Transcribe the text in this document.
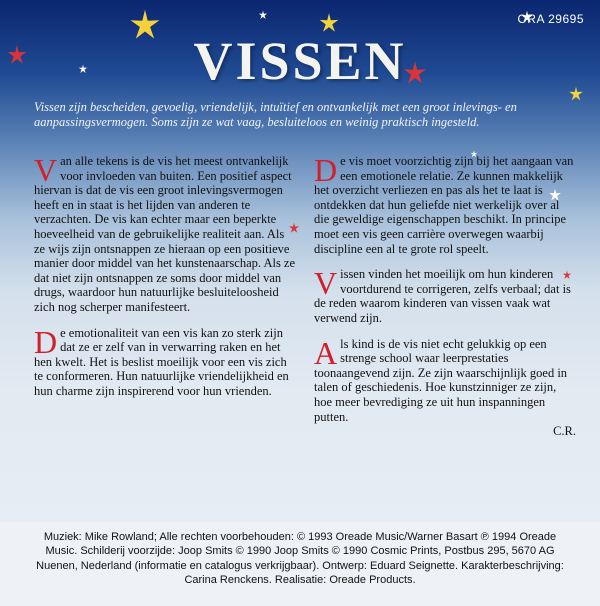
ORA 29695
VISSEN
Vissen zijn bescheiden, gevoelig, vriendelijk, intuïtief en ontvankelijk met een groot inlevings- en aanpassingsvermogen. Soms zijn ze wat vaag, besluiteloos en weinig praktisch ingesteld.

Van alle tekens is de vis het meest ontvankelijk voor invloeden van buiten. Een positief aspect hiervan is dat de vis een groot inlevingsvermogen heeft en in staat is het lijden van anderen te verzachten. De vis kan echter maar een beperkte hoeveelheid van de gebruikelijke realiteit aan. Als ze wijs zijn ontsnappen ze hieraan op een positieve manier door middel van het kunstenaarschap. Als ze dat niet zijn ontsnappen ze soms door middel van drugs, waardoor hun natuurlijke besluiteloosheid zich nog scherper manifesteert.

De emotionaliteit van een vis kan zo sterk zijn dat ze er zelf van in verwarring raken en het hen kwelt. Het is beslist moeilijk voor een vis zich te conformeren. Hun natuurlijke vriendelijkheid en hun charme zijn inspirerend voor hun vrienden.

De vis moet voorzichtig zijn bij het aangaan van een emotionele relatie. Ze kunnen makkelijk het overzicht verliezen en pas als het te laat is ontdekken dat hun geliefde niet werkelijk over al die geweldige eigenschappen beschikt. In principe moet een vis geen carrière overwegen waarbij discipline een al te grote rol speelt.

Vissen vinden het moeilijk om hun kinderen voortdurend te corrigeren, zelfs verbaal; dat is de reden waarom kinderen van vissen vaak wat verwend zijn.

Als kind is de vis niet echt gelukkig op een strenge school waar leerprestaties toonaangevend zijn. Ze zijn waarschijnlijk goed in talen of geschiedenis. Hoe kunstzinniger ze zijn, hoe meer bevrediging ze uit hun inspanningen putten.

C.R.
Muziek: Mike Rowland; Alle rechten voorbehouden: © 1993 Oreade Music/Warner Basart ℗ 1994 Oreade Music. Schilderij voorzijde: Joop Smits © 1990 Joop Smits © 1990 Cosmic Prints, Postbus 295, 5670 AG Nuenen, Nederland (informatie en catalogus verkrijgbaar). Ontwerp: Eduard Seignette. Karakterbeschrijving: Carina Renckens. Realisatie: Oreade Products.
